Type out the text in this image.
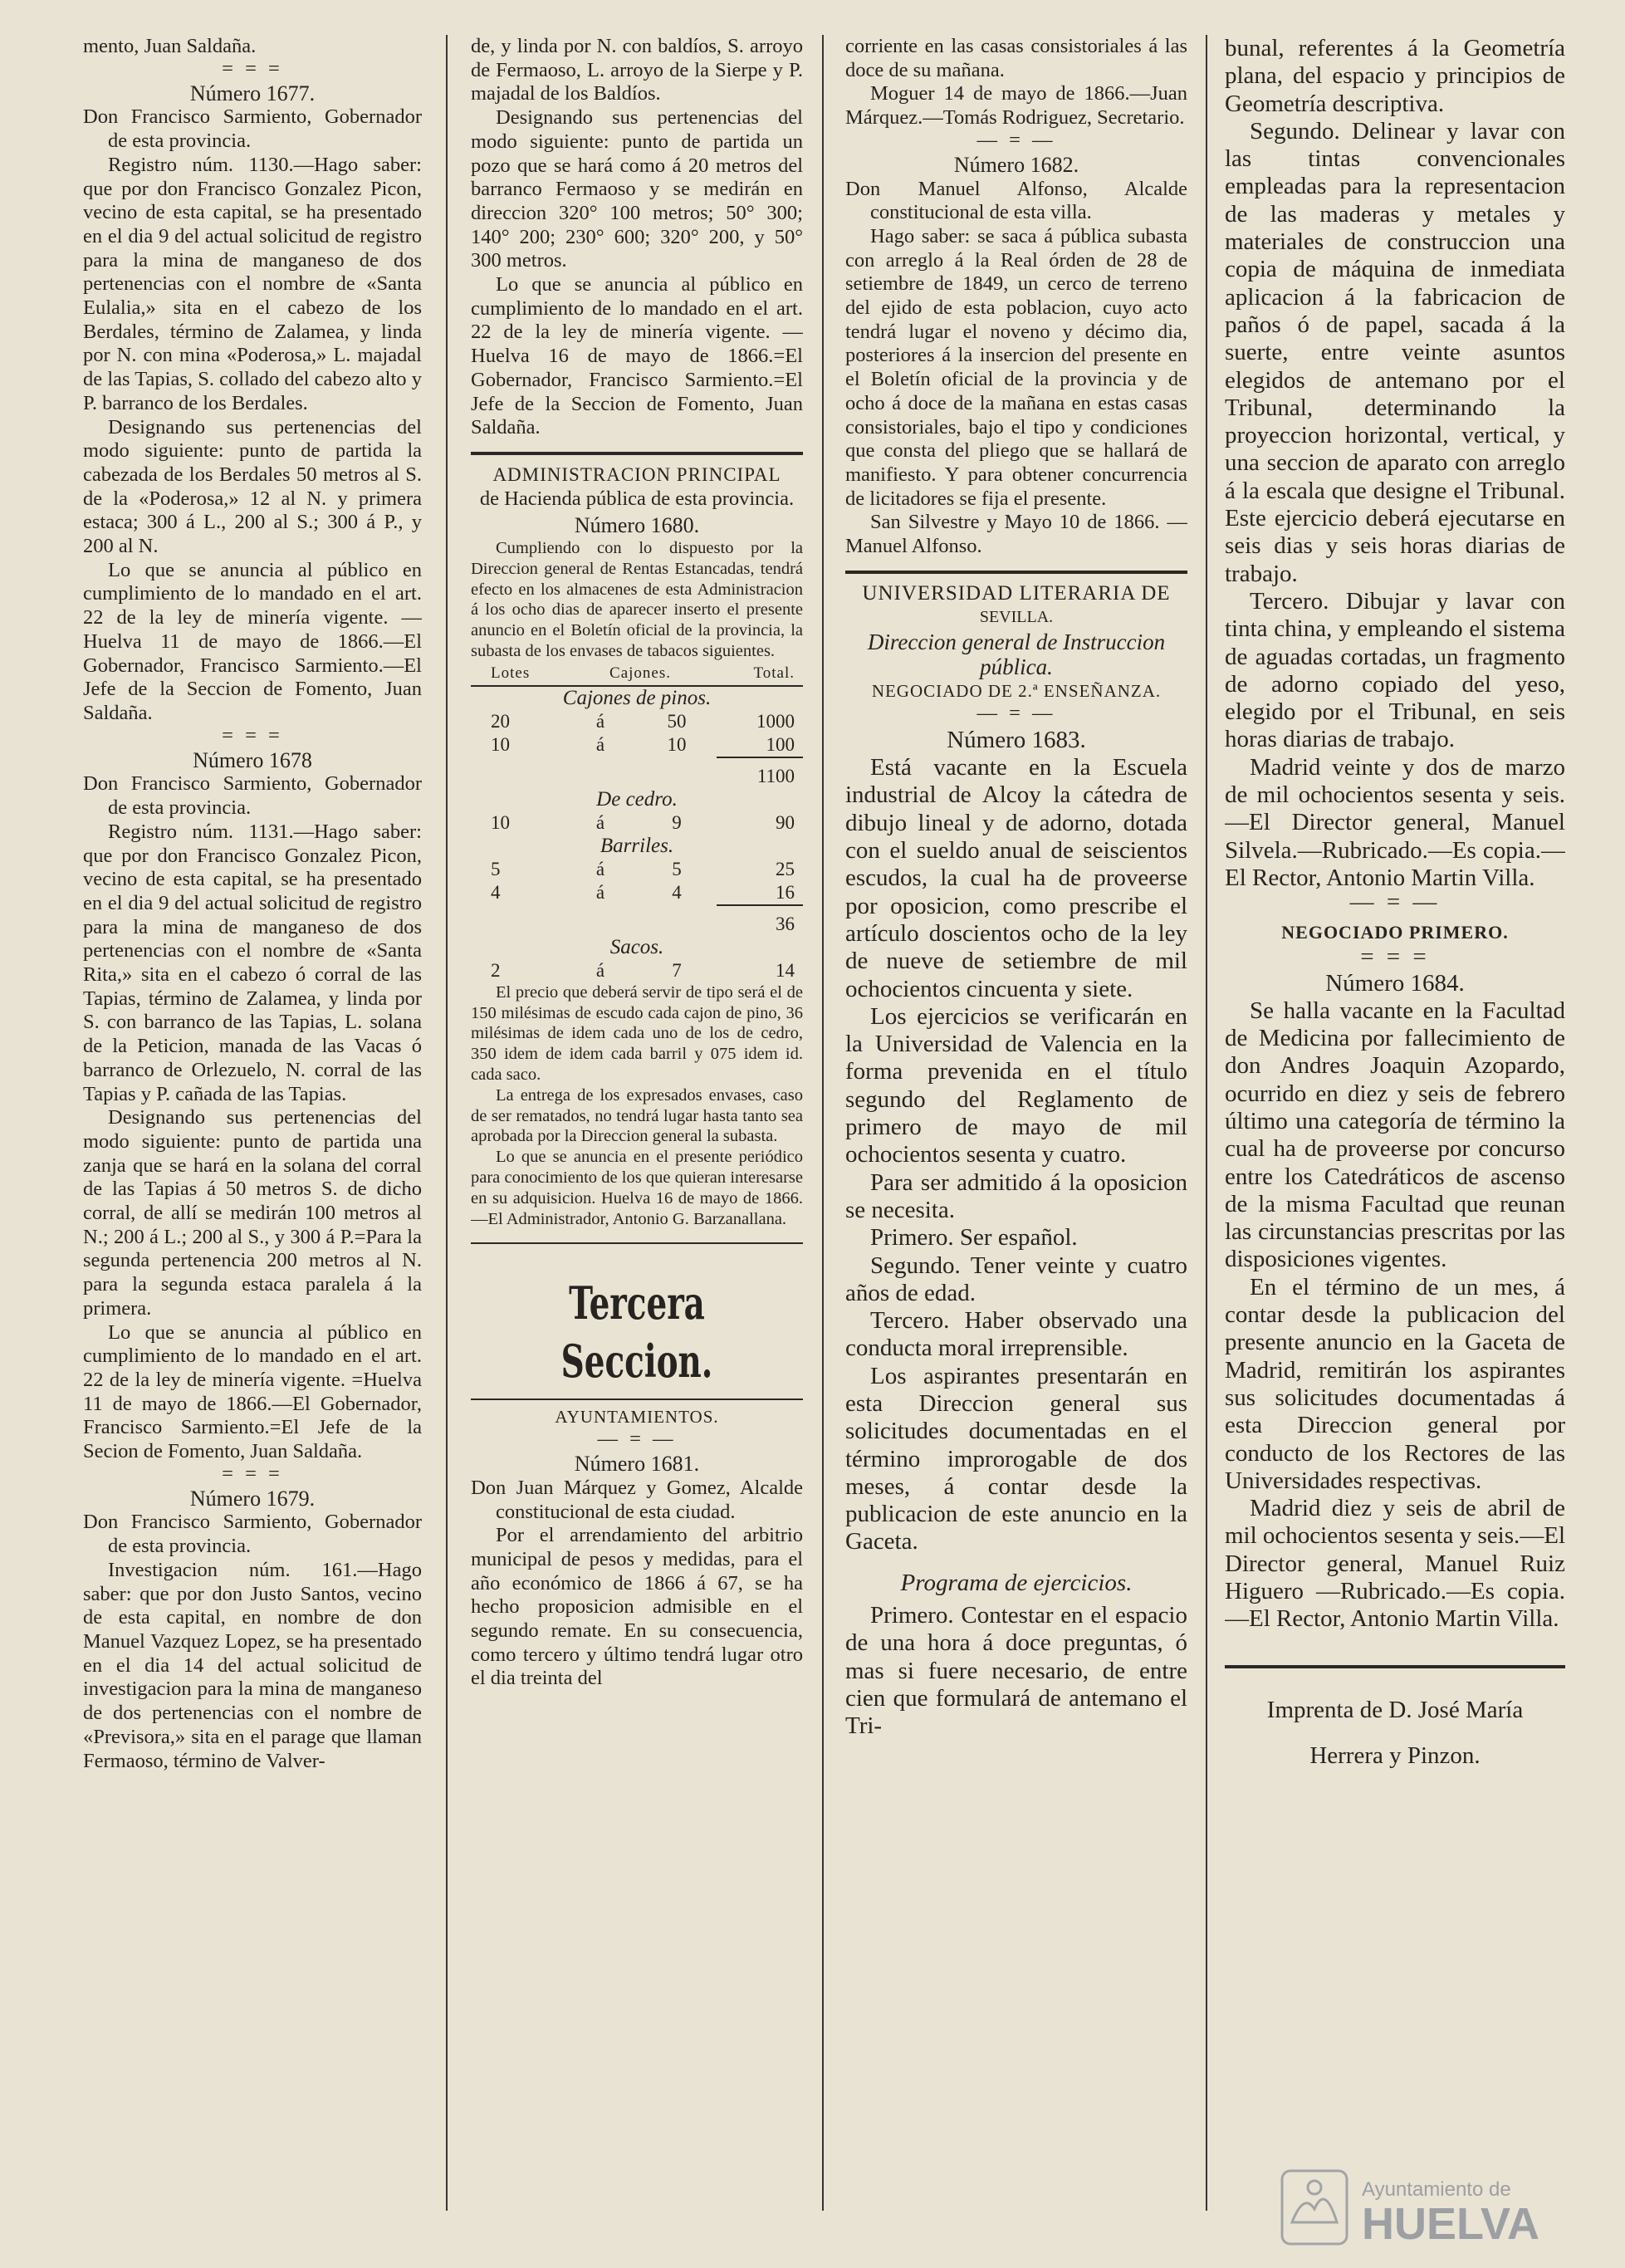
mento, Juan Saldaña.

= = =

Número 1677.

Don Francisco Sarmiento, Gobernador de esta provincia.

Registro núm. 1130.—Hago saber: que por don Francisco Gonzalez Picon, vecino de esta capital, se ha presentado en el dia 9 del actual solicitud de registro para la mina de manganeso de dos pertenencias con el nombre de «Santa Eulalia,» sita en el cabezo de los Berdales, término de Zalamea, y linda por N. con mina «Poderosa,» L. majadal de las Tapias, S. collado del cabezo alto y P. barranco de los Berdales.

Designando sus pertenencias del modo siguiente: punto de partida la cabezada de los Berdales 50 metros al S. de la «Poderosa,» 12 al N. y primera estaca; 300 á L., 200 al S.; 300 á P., y 200 al N.

Lo que se anuncia al público en cumplimiento de lo mandado en el art. 22 de la ley de minería vigente. —Huelva 11 de mayo de 1866.—El Gobernador, Francisco Sarmiento.—El Jefe de la Seccion de Fomento, Juan Saldaña.

= = =

Número 1678

Don Francisco Sarmiento, Gobernador de esta provincia.

Registro núm. 1131.—Hago saber: que por don Francisco Gonzalez Picon, vecino de esta capital, se ha presentado en el dia 9 del actual solicitud de registro para la mina de manganeso de dos pertenencias con el nombre de «Santa Rita,» sita en el cabezo ó corral de las Tapias, término de Zalamea, y linda por S. con barranco de las Tapias, L. solana de la Peticion, manada de las Vacas ó barranco de Orlezuelo, N. corral de las Tapias y P. cañada de las Tapias.

Designando sus pertenencias del modo siguiente: punto de partida una zanja que se hará en la solana del corral de las Tapias á 50 metros S. de dicho corral, de allí se medirán 100 metros al N.; 200 á L.; 200 al S., y 300 á P.=Para la segunda pertenencia 200 metros al N. para la segunda estaca paralela á la primera.

Lo que se anuncia al público en cumplimiento de lo mandado en el art. 22 de la ley de minería vigente. =Huelva 11 de mayo de 1866.—El Gobernador, Francisco Sarmiento.=El Jefe de la Secion de Fomento, Juan Saldaña.

= = =

Número 1679.

Don Francisco Sarmiento, Gobernador de esta provincia.

Investigacion núm. 161.—Hago saber: que por don Justo Santos, vecino de esta capital, en nombre de don Manuel Vazquez Lopez, se ha presentado en el dia 14 del actual solicitud de investigacion para la mina de manganeso de dos pertenencias con el nombre de «Previsora,» sita en el parage que llaman Fermaoso, término de Valver-

de, y linda por N. con baldíos, S. arroyo de Fermaoso, L. arroyo de la Sierpe y P. majadal de los Baldíos.

Designando sus pertenencias del modo siguiente: punto de partida un pozo que se hará como á 20 metros del barranco Fermaoso y se medirán en direccion 320° 100 metros; 50° 300; 140° 200; 230° 600; 320° 200, y 50° 300 metros.

Lo que se anuncia al público en cumplimiento de lo mandado en el art. 22 de la ley de minería vigente. —Huelva 16 de mayo de 1866.=El Gobernador, Francisco Sarmiento.=El Jefe de la Seccion de Fomento, Juan Saldaña.

ADMINISTRACION PRINCIPAL

de Hacienda pública de esta provincia.

Número 1680.

Cumpliendo con lo dispuesto por la Direccion general de Rentas Estancadas, tendrá efecto en los almacenes de esta Administracion á los ocho dias de aparecer inserto el presente anuncio en el Boletín oficial de la provincia, la subasta de los envases de tabacos siguientes.

Lotes	Cajones.		Total.
Cajones de pinos.			
20	á	50	1000
10	á	10	100
			1100
De cedro.			
10	á	9	90
Barriles.			
5	á	5	25
4	á	4	16
			36
Sacos.			
2	á	7	14

El precio que deberá servir de tipo será el de 150 milésimas de escudo cada cajon de pino, 36 milésimas de idem cada uno de los de cedro, 350 idem de idem cada barril y 075 idem id. cada saco.

La entrega de los expresados envases, caso de ser rematados, no tendrá lugar hasta tanto sea aprobada por la Direccion general la subasta.

Lo que se anuncia en el presente periódico para conocimiento de los que quieran interesarse en su adquisicion. Huelva 16 de mayo de 1866.—El Administrador, Antonio G. Barzanallana.

Tercera Seccion.

AYUNTAMIENTOS.

— = —

Número 1681.

Don Juan Márquez y Gomez, Alcalde constitucional de esta ciudad.

Por el arrendamiento del arbitrio municipal de pesos y medidas, para el año económico de 1866 á 67, se ha hecho proposicion admisible en el segundo remate. En su consecuencia, como tercero y último tendrá lugar otro el dia treinta del

corriente en las casas consistoriales á las doce de su mañana.

Moguer 14 de mayo de 1866.—Juan Márquez.—Tomás Rodriguez, Secretario.

— = —

Número 1682.

Don Manuel Alfonso, Alcalde constitucional de esta villa.

Hago saber: se saca á pública subasta con arreglo á la Real órden de 28 de setiembre de 1849, un cerco de terreno del ejido de esta poblacion, cuyo acto tendrá lugar el noveno y décimo dia, posteriores á la insercion del presente en el Boletín oficial de la provincia y de ocho á doce de la mañana en estas casas consistoriales, bajo el tipo y condiciones que consta del pliego que se hallará de manifiesto. Y para obtener concurrencia de licitadores se fija el presente.

San Silvestre y Mayo 10 de 1866. —Manuel Alfonso.

UNIVERSIDAD LITERARIA DE

SEVILLA.

Direccion general de Instruccion pública.

NEGOCIADO DE 2.ª ENSEÑANZA.

— = —

Número 1683.

Está vacante en la Escuela industrial de Alcoy la cátedra de dibujo lineal y de adorno, dotada con el sueldo anual de seiscientos escudos, la cual ha de proveerse por oposicion, como prescribe el artículo doscientos ocho de la ley de nueve de setiembre de mil ochocientos cincuenta y siete.

Los ejercicios se verificarán en la Universidad de Valencia en la forma prevenida en el título segundo del Reglamento de primero de mayo de mil ochocientos sesenta y cuatro.

Para ser admitido á la oposicion se necesita.

Primero. Ser español.

Segundo. Tener veinte y cuatro años de edad.

Tercero. Haber observado una conducta moral irreprensible.

Los aspirantes presentarán en esta Direccion general sus solicitudes documentadas en el término improrogable de dos meses, á contar desde la publicacion de este anuncio en la Gaceta.

Programa de ejercicios.

Primero. Contestar en el espacio de una hora á doce preguntas, ó mas si fuere necesario, de entre cien que formulará de antemano el Tri-

bunal, referentes á la Geometría plana, del espacio y principios de Geometría descriptiva.

Segundo. Delinear y lavar con las tintas convencionales empleadas para la representacion de las maderas y metales y materiales de construccion una copia de máquina de inmediata aplicacion á la fabricacion de paños ó de papel, sacada á la suerte, entre veinte asuntos elegidos de antemano por el Tribunal, determinando la proyeccion horizontal, vertical, y una seccion de aparato con arreglo á la escala que designe el Tribunal. Este ejercicio deberá ejecutarse en seis dias y seis horas diarias de trabajo.

Tercero. Dibujar y lavar con tinta china, y empleando el sistema de aguadas cortadas, un fragmento de adorno copiado del yeso, elegido por el Tribunal, en seis horas diarias de trabajo.

Madrid veinte y dos de marzo de mil ochocientos sesenta y seis.—El Director general, Manuel Silvela.—Rubricado.—Es copia.—El Rector, Antonio Martin Villa.

— = —

NEGOCIADO PRIMERO.

= = =

Número 1684.

Se halla vacante en la Facultad de Medicina por fallecimiento de don Andres Joaquin Azopardo, ocurrido en diez y seis de febrero último una categoría de término la cual ha de proveerse por concurso entre los Catedráticos de ascenso de la misma Facultad que reunan las circunstancias prescritas por las disposiciones vigentes.

En el término de un mes, á contar desde la publicacion del presente anuncio en la Gaceta de Madrid, remitirán los aspirantes sus solicitudes documentadas á esta Direccion general por conducto de los Rectores de las Universidades respectivas.

Madrid diez y seis de abril de mil ochocientos sesenta y seis.—El Director general, Manuel Ruiz Higuero —Rubricado.—Es copia.—El Rector, Antonio Martin Villa.

Imprenta de D. José María

Herrera y Pinzon.

Ayuntamiento de
HUELVA
